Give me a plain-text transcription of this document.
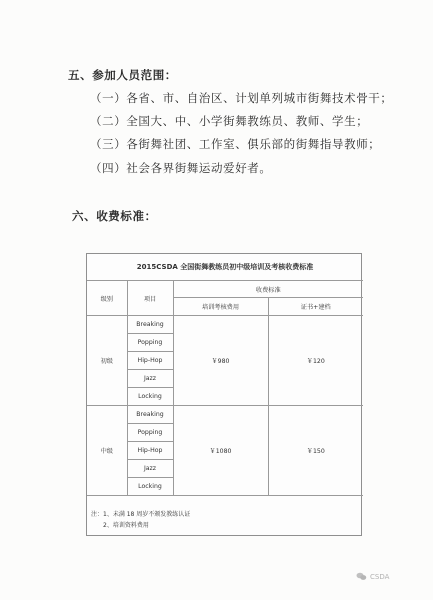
五、参加人员范围：
（一）各省、市、自治区、计划单列城市街舞技术骨干；
（二）全国大、中、小学街舞教练员、教师、学生；
（三）各街舞社团、工作室、俱乐部的街舞指导教师；
（四）社会各界街舞运动爱好者。
六、收费标准：
2015CSDA 全国街舞教练员初中级培训及考核收费标准			
级别	项目	收费标准	
		培训考核费用	证书+建档
初级	Breaking	￥980	￥120
	Popping		
	Hip-Hop		
	Jazz		
	Locking		
中级	Breaking	￥1080	￥150
	Popping		
	Hip-Hop		
	Jazz		
	Locking		
注：1、未满 18 周岁不颁发教练认证
2、培训资料费用
CSDA
